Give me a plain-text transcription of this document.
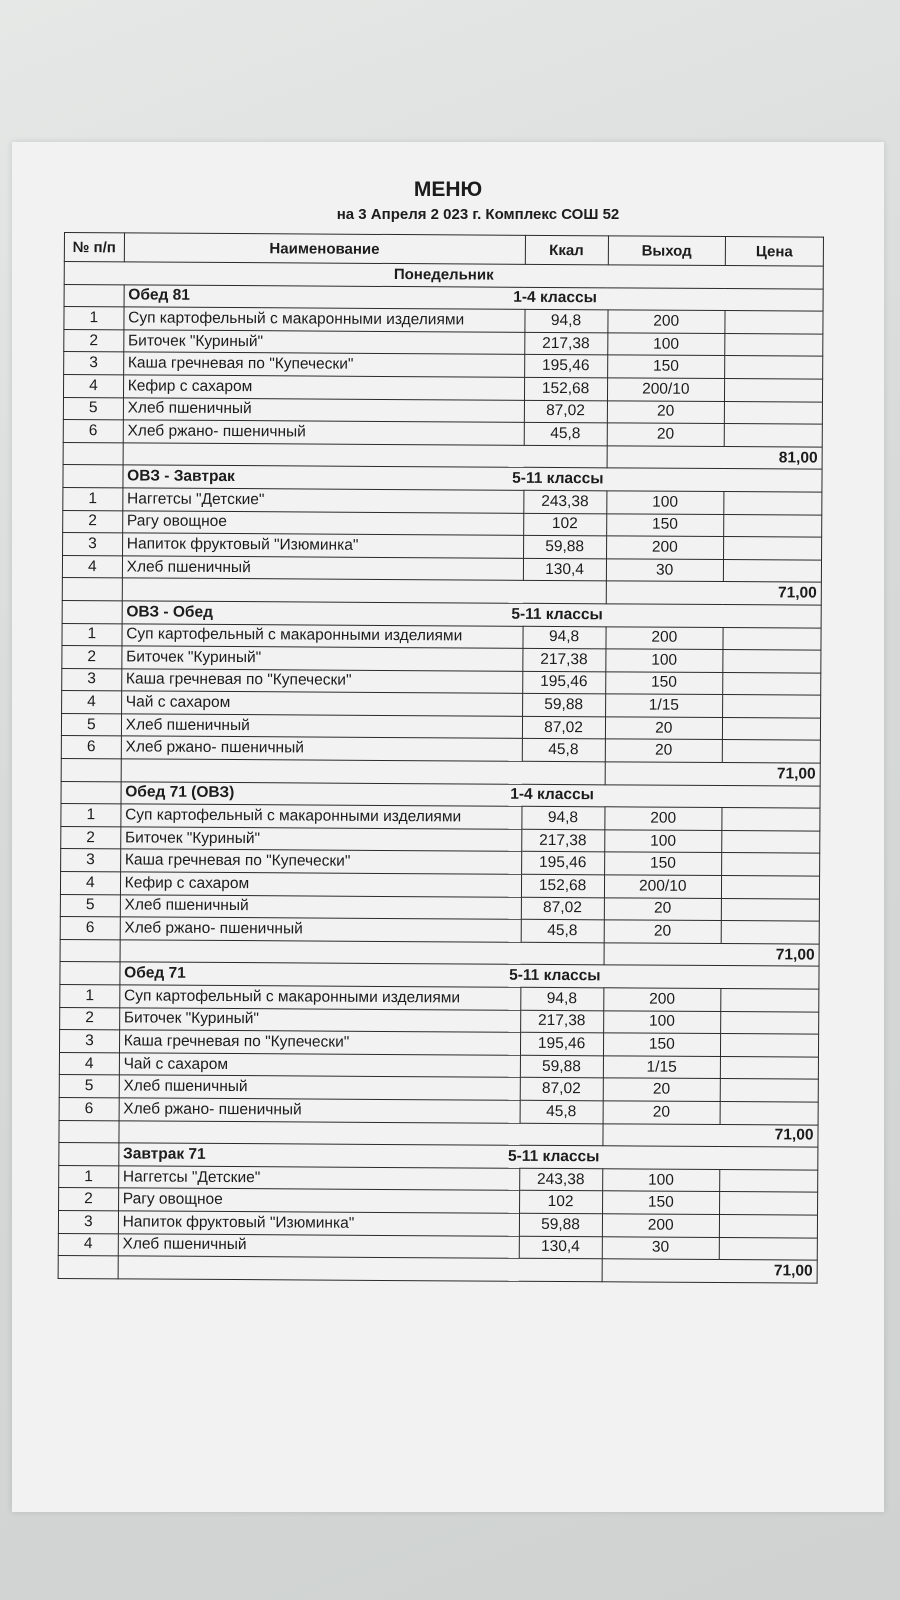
МЕНЮ
на 3 Апреля 2 023 г. Комплекс СОШ 52
№ п/п	Наименование	Ккал	Выход	Цена
Понедельник				
	Обед 81 1-4 классы			
1	Суп картофельный с макаронными изделиями	94,8	200	
2	Биточек "Куриный"	217,38	100	
3	Каша гречневая по "Купечески"	195,46	150	
4	Кефир с сахаром	152,68	200/10	
5	Хлеб пшеничный	87,02	20	
6	Хлеб ржано- пшеничный	45,8	20	
			81,00	
	ОВЗ - Завтрак 5-11 классы			
1	Наггетсы "Детские"	243,38	100	
2	Рагу овощное	102	150	
3	Напиток фруктовый "Изюминка"	59,88	200	
4	Хлеб пшеничный	130,4	30	
			71,00	
	ОВЗ - Обед 5-11 классы			
1	Суп картофельный с макаронными изделиями	94,8	200	
2	Биточек "Куриный"	217,38	100	
3	Каша гречневая по "Купечески"	195,46	150	
4	Чай с сахаром	59,88	1/15	
5	Хлеб пшеничный	87,02	20	
6	Хлеб ржано- пшеничный	45,8	20	
			71,00	
	Обед 71 (ОВЗ) 1-4 классы			
1	Суп картофельный с макаронными изделиями	94,8	200	
2	Биточек "Куриный"	217,38	100	
3	Каша гречневая по "Купечески"	195,46	150	
4	Кефир с сахаром	152,68	200/10	
5	Хлеб пшеничный	87,02	20	
6	Хлеб ржано- пшеничный	45,8	20	
			71,00	
	Обед 71 5-11 классы			
1	Суп картофельный с макаронными изделиями	94,8	200	
2	Биточек "Куриный"	217,38	100	
3	Каша гречневая по "Купечески"	195,46	150	
4	Чай с сахаром	59,88	1/15	
5	Хлеб пшеничный	87,02	20	
6	Хлеб ржано- пшеничный	45,8	20	
			71,00	
	Завтрак 71 5-11 классы			
1	Наггетсы "Детские"	243,38	100	
2	Рагу овощное	102	150	
3	Напиток фруктовый "Изюминка"	59,88	200	
4	Хлеб пшеничный	130,4	30	
			71,00	
